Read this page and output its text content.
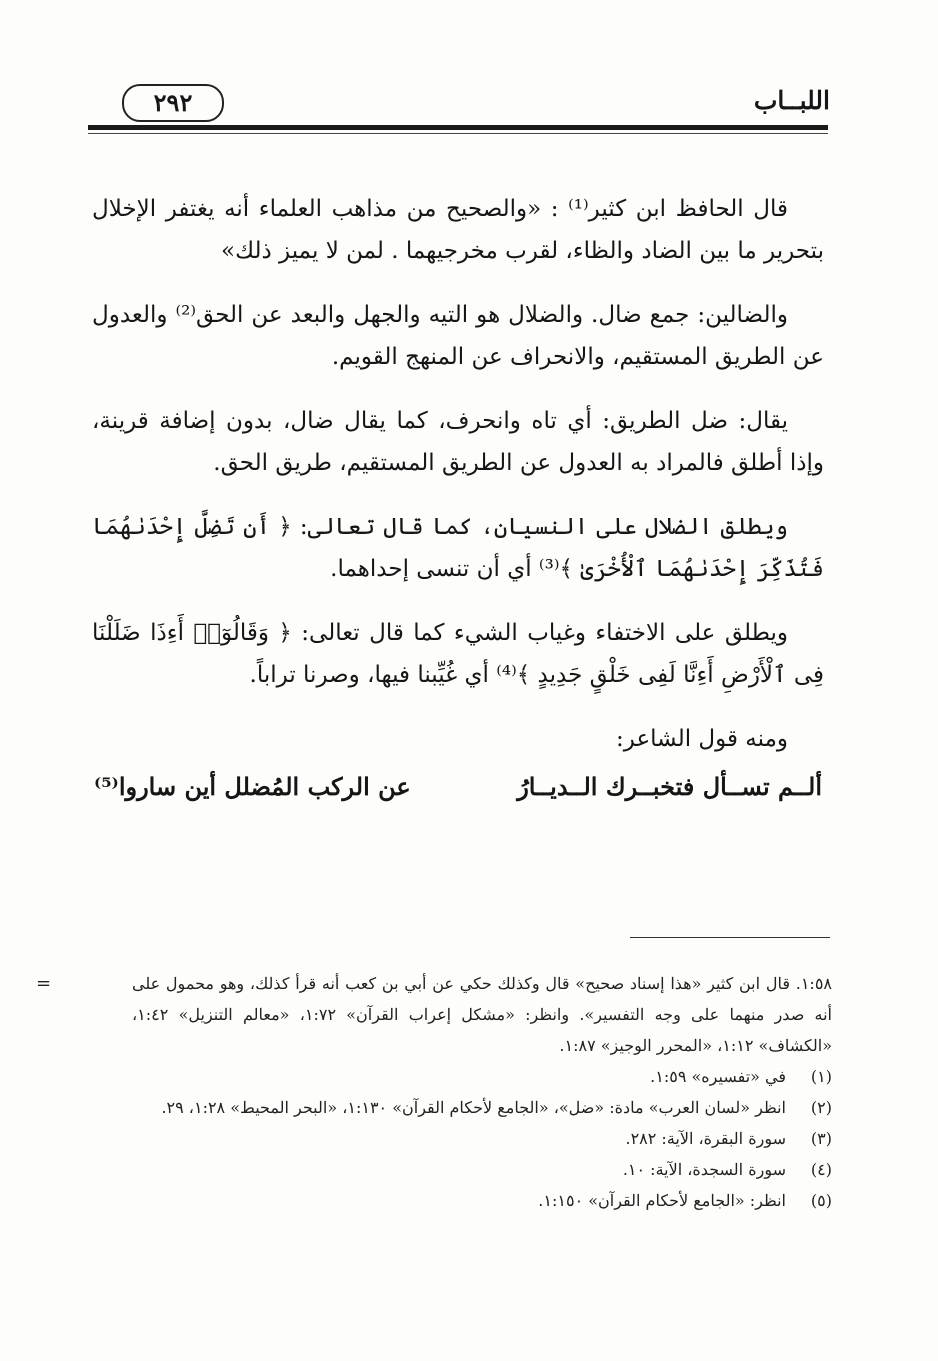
اللبــاب
٢٩٢

قال الحافظ ابن كثير⁽¹⁾ : «والصحيح من مذاهب العلماء أنه يغتفر الإخلال بتحرير ما بين الضاد والظاء، لقرب مخرجيهما . لمن لا يميز ذلك»

والضالين: جمع ضال. والضلال هو التيه والجهل والبعد عن الحق⁽²⁾ والعدول عن الطريق المستقيم، والانحراف عن المنهج القويم.

يقال: ضل الطريق: أي تاه وانحرف، كما يقال ضال، بدون إضافة قرينة، وإذا أطلق فالمراد به العدول عن الطريق المستقيم، طريق الحق.

ويطلق الضلال على النسيان، كما قال تعالى: ﴿ أَن تَضِلَّ إِحْدَىٰهُمَا فَتُذَكِّرَ إِحْدَىٰهُمَا ٱلْأُخْرَىٰ ﴾⁽³⁾ أي أن تنسى إحداهما.

ويطلق على الاختفاء وغياب الشيء كما قال تعالى: ﴿ وَقَالُوٓا۟ أَءِذَا ضَلَلْنَا فِى ٱلْأَرْضِ أَءِنَّا لَفِى خَلْقٍ جَدِيدٍ ﴾⁽⁴⁾ أي غُيِّبنا فيها، وصرنا تراباً.

ومنه قول الشاعر:

ألــم تســأل فتخبــرك الــديــارُ
عن الركب المُضلل أين ساروا⁽⁵⁾
=	١:٥٨. قال ابن كثير «هذا إسناد صحيح» قال وكذلك حكي عن أبي بن كعب أنه قرأ كذلك، وهو محمول على أنه صدر منهما على وجه التفسير». وانظر: «مشكل إعراب القرآن» ١:٧٢، «معالم التنزيل» ١:٤٢، «الكشاف» ١:١٢، «المحرر الوجيز» ١:٨٧.
(١)
في «تفسيره» ١:٥٩.
(٢)
انظر «لسان العرب» مادة: «ضل»، «الجامع لأحكام القرآن» ١:١٣٠، «البحر المحيط» ١:٢٨، ٢٩.
(٣)
سورة البقرة، الآية: ٢٨٢.
(٤)
سورة السجدة، الآية: ١٠.
(٥)
انظر: «الجامع لأحكام القرآن» ١:١٥٠.
